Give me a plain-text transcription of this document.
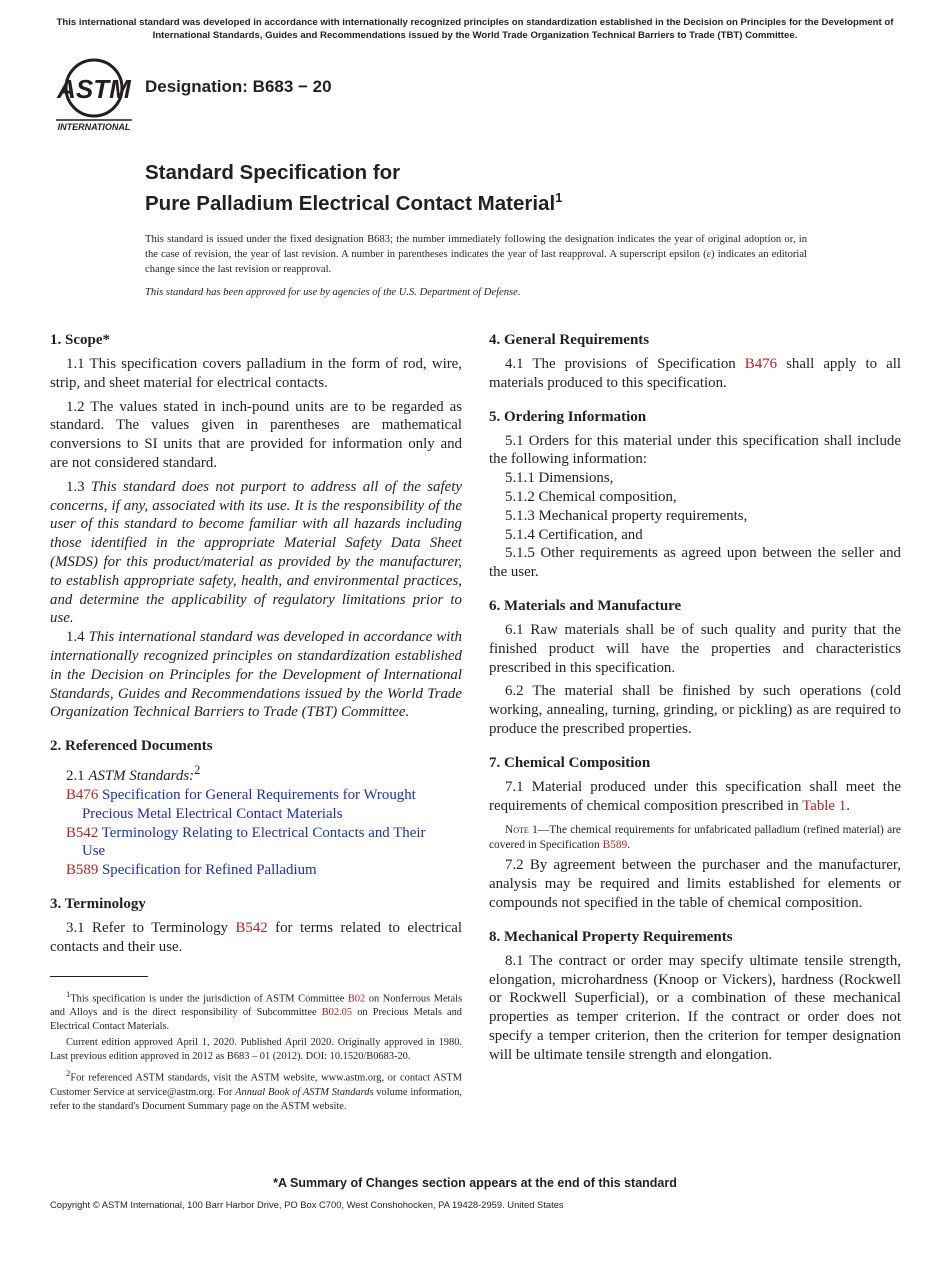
This international standard was developed in accordance with internationally recognized principles on standardization established in the Decision on Principles for the Development of International Standards, Guides and Recommendations issued by the World Trade Organization Technical Barriers to Trade (TBT) Committee.
ASTM
INTERNATIONAL
Designation: B683 − 20
Standard Specification for
Pure Palladium Electrical Contact Material$^1$

This standard is issued under the fixed designation B683; the number immediately following the designation indicates the year of original adoption or, in the case of revision, the year of last revision. A number in parentheses indicates the year of last reapproval. A superscript epsilon (ε) indicates an editorial change since the last revision or reapproval.

This standard has been approved for use by agencies of the U.S. Department of Defense.

1. Scope*

1.1 This specification covers palladium in the form of rod, wire, strip, and sheet material for electrical contacts.

1.2 The values stated in inch-pound units are to be regarded as standard. The values given in parentheses are mathematical conversions to SI units that are provided for information only and are not considered standard.

1.3 This standard does not purport to address all of the safety concerns, if any, associated with its use. It is the responsibility of the user of this standard to become familiar with all hazards including those identified in the appropriate Material Safety Data Sheet (MSDS) for this product/material as provided by the manufacturer, to establish appropriate safety, health, and environmental practices, and determine the applicability of regulatory limitations prior to use.

1.4 This international standard was developed in accordance with internationally recognized principles on standardization established in the Decision on Principles for the Development of International Standards, Guides and Recommendations issued by the World Trade Organization Technical Barriers to Trade (TBT) Committee.

2. Referenced Documents

2.1 ASTM Standards:$^2$

B476 Specification for General Requirements for Wrought
Precious Metal Electrical Contact Materials
B542 Terminology Relating to Electrical Contacts and Their
Use
B589 Specification for Refined Palladium
3. Terminology

3.1 Refer to Terminology B542 for terms related to electrical contacts and their use.

4. General Requirements

4.1 The provisions of Specification B476 shall apply to all materials produced to this specification.

5. Ordering Information

5.1 Orders for this material under this specification shall include the following information:

5.1.1 Dimensions,
5.1.2 Chemical composition,
5.1.3 Mechanical property requirements,
5.1.4 Certification, and

5.1.5 Other requirements as agreed upon between the seller and the user.

6. Materials and Manufacture

6.1 Raw materials shall be of such quality and purity that the finished product will have the properties and characteristics prescribed in this specification.

6.2 The material shall be finished by such operations (cold working, annealing, turning, grinding, or pickling) as are required to produce the prescribed properties.

7. Chemical Composition

7.1 Material produced under this specification shall meet the requirements of chemical composition prescribed in Table 1.

Note 1—The chemical requirements for unfabricated palladium (refined material) are covered in Specification B589.

7.2 By agreement between the purchaser and the manufacturer, analysis may be required and limits established for elements or compounds not specified in the table of chemical composition.

8. Mechanical Property Requirements

8.1 The contract or order may specify ultimate tensile strength, elongation, microhardness (Knoop or Vickers), hardness (Rockwell or Rockwell Superficial), or a combination of these mechanical properties as temper criterion. If the contract or order does not specify a temper criterion, then the criterion for temper designation will be ultimate tensile strength and elongation.

$^1$This specification is under the jurisdiction of ASTM Committee B02 on Nonferrous Metals and Alloys and is the direct responsibility of Subcommittee B02.05 on Precious Metals and Electrical Contact Materials.

Current edition approved April 1, 2020. Published April 2020. Originally approved in 1980. Last previous edition approved in 2012 as B683 – 01 (2012). DOI: 10.1520/B0683-20.

$^2$For referenced ASTM standards, visit the ASTM website, www.astm.org, or contact ASTM Customer Service at service@astm.org. For Annual Book of ASTM Standards volume information, refer to the standard's Document Summary page on the ASTM website.

*A Summary of Changes section appears at the end of this standard
Copyright © ASTM International, 100 Barr Harbor Drive, PO Box C700, West Conshohocken, PA 19428-2959. United States
